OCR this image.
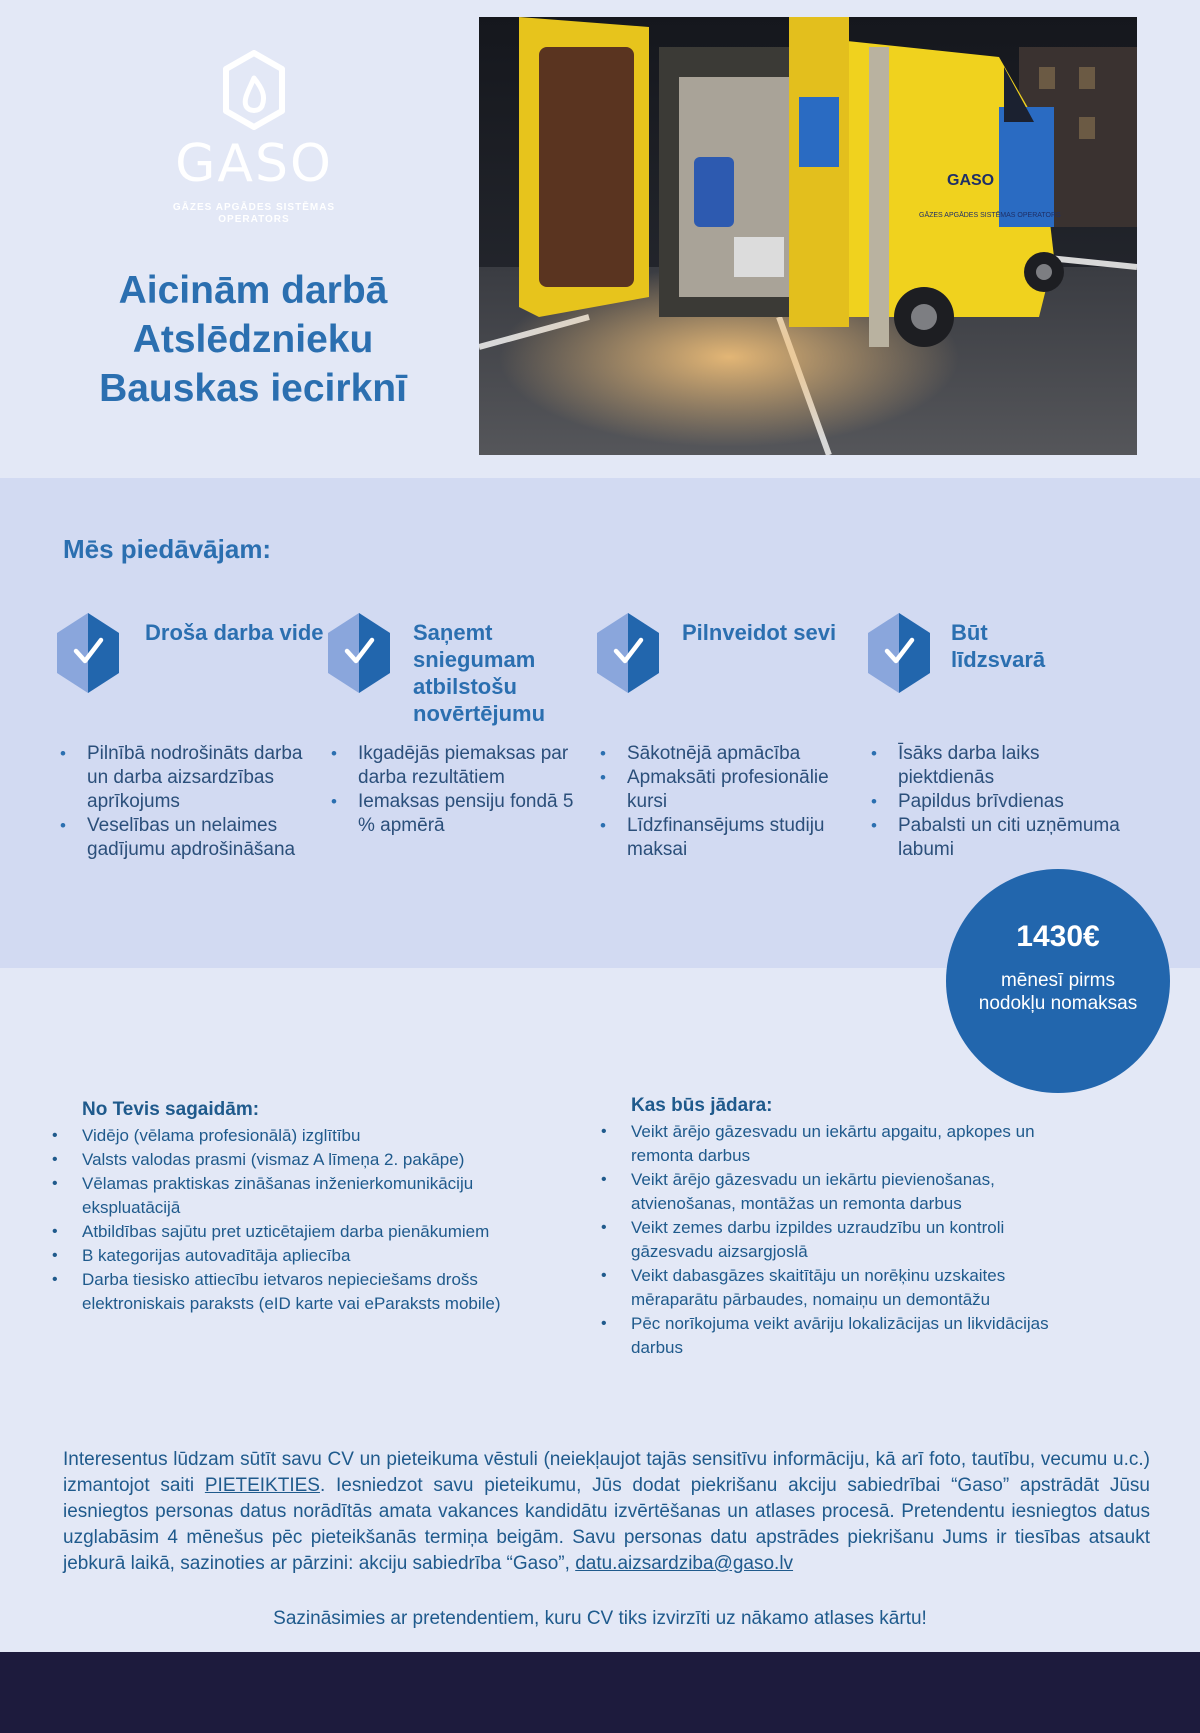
GASO
GĀZES APGĀDES SISTĒMAS OPERATORS
Aicinām darbā
Atslēdznieku
Bauskas iecirknī
GASO
GĀZES APGĀDES SISTĒMAS OPERATORS
Mēs piedāvājam:
Droša darba vide
• Pilnībā nodrošināts darba un darba aizsardzības aprīkojums
• Veselības un nelaimes gadījumu apdrošināšana
Saņemt sniegumam atbilstošu novērtējumu
• Ikgadējās piemaksas par darba rezultātiem
• Iemaksas pensiju fondā 5 % apmērā
Pilnveidot sevi
• Sākotnējā apmācība
• Apmaksāti profesionālie kursi
• Līdzfinansējums studiju maksai
Būt līdzsvarā
• Īsāks darba laiks piektdienās
• Papildus brīvdienas
• Pabalsti un citi uzņēmuma labumi
1430€
mēnesī pirms nodokļu nomaksas
No Tevis sagaidām:
• Vidējo (vēlama profesionālā) izglītību
• Valsts valodas prasmi (vismaz A līmeņa 2. pakāpe)
• Vēlamas praktiskas zināšanas inženierkomunikāciju ekspluatācijā
• Atbildības sajūtu pret uzticētajiem darba pienākumiem
• B kategorijas autovadītāja apliecība
• Darba tiesisko attiecību ietvaros nepieciešams drošs elektroniskais paraksts (eID karte vai eParaksts mobile)
Kas būs jādara:
• Veikt ārējo gāzesvadu un iekārtu apgaitu, apkopes un remonta darbus
• Veikt ārējo gāzesvadu un iekārtu pievienošanas, atvienošanas, montāžas un remonta darbus
• Veikt zemes darbu izpildes uzraudzību un kontroli gāzesvadu aizsargjoslā
• Veikt dabasgāzes skaitītāju un norēķinu uzskaites mēraparātu pārbaudes, nomaiņu un demontāžu
• Pēc norīkojuma veikt avāriju lokalizācijas un likvidācijas darbus
Interesentus lūdzam sūtīt savu CV un pieteikuma vēstuli (neiekļaujot tajās sensitīvu informāciju, kā arī foto, tautību, vecumu u.c.) izmantojot saiti PIETEIKTIES. Iesniedzot savu pieteikumu, Jūs dodat piekrišanu akciju sabiedrībai “Gaso” apstrādāt Jūsu iesniegtos personas datus norādītās amata vakances kandidātu izvērtēšanas un atlases procesā. Pretendentu iesniegtos datus uzglabāsim 4 mēnešus pēc pieteikšanās termiņa beigām. Savu personas datu apstrādes piekrišanu Jums ir tiesības atsaukt jebkurā laikā, sazinoties ar pārzini: akciju sabiedrība “Gaso”, datu.aizsardziba@gaso.lv
Sazināsimies ar pretendentiem, kuru CV tiks izvirzīti uz nākamo atlases kārtu!
